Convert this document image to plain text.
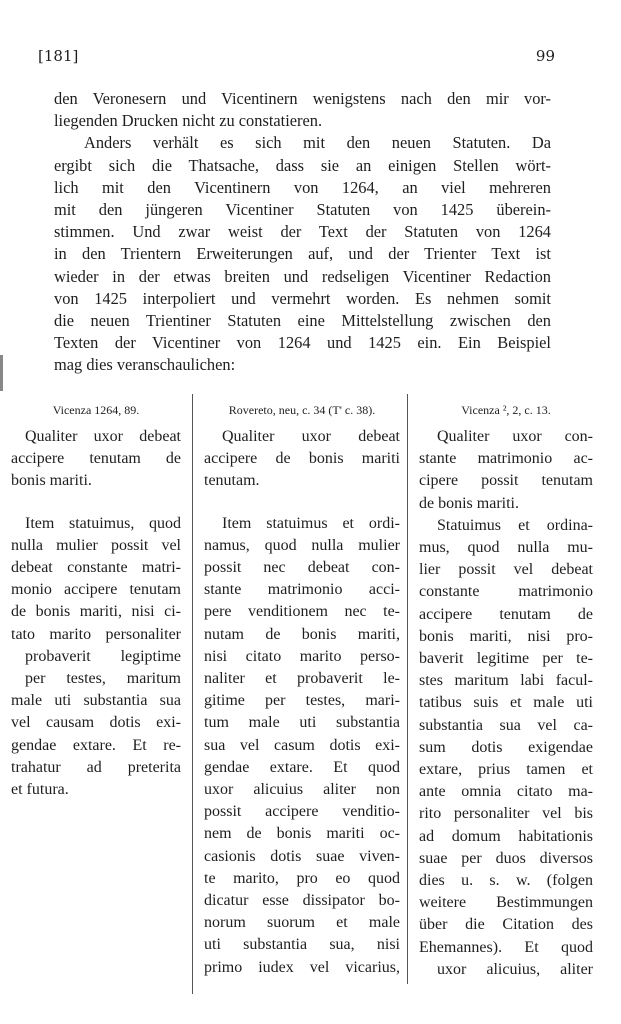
[181]	99

den Veronesern und Vicentinern wenigstens nach den mir vor-
liegenden Drucken nicht zu constatieren.

Anders verhält es sich mit den neuen Statuten. Da
ergibt sich die Thatsache, dass sie an einigen Stellen wört-
lich mit den Vicentinern von 1264, an viel mehreren
mit den jüngeren Vicentiner Statuten von 1425 überein-
stimmen. Und zwar weist der Text der Statuten von 1264
in den Trientern Erweiterungen auf, und der Trienter Text ist
wieder in der etwas breiten und redseligen Vicentiner Redaction
von 1425 interpoliert und vermehrt worden. Es nehmen somit
die neuen Trientiner Statuten eine Mittelstellung zwischen den
Texten der Vicentiner von 1264 und 1425 ein. Ein Beispiel
mag dies veranschaulichen:

Vicenza 1264, 89.
Qualiter uxor debeat
accipere tenutam de
bonis mariti.
Item statuimus, quod
nulla mulier possit vel
debeat constante matri-
monio accipere tenutam
de bonis mariti, nisi ci-
tato marito personaliter
probaverit legiptime
per testes, maritum
male uti substantia sua
vel causam dotis exi-
gendae extare. Et re-
trahatur ad preterita
et futura.
Rovereto, neu, c. 34 (T' c. 38).
Qualiter uxor debeat
accipere de bonis mariti
tenutam.
Item statuimus et ordi-
namus, quod nulla mulier
possit nec debeat con-
stante matrimonio acci-
pere venditionem nec te-
nutam de bonis mariti,
nisi citato marito perso-
naliter et probaverit le-
gitime per testes, mari-
tum male uti substantia
sua vel casum dotis exi-
gendae extare. Et quod
uxor alicuius aliter non
possit accipere venditio-
nem de bonis mariti oc-
casionis dotis suae viven-
te marito, pro eo quod
dicatur esse dissipator bo-
norum suorum et male
uti substantia sua, nisi
primo iudex vel vicarius,
Vicenza ², 2, c. 13.
Qualiter uxor con-
stante matrimonio ac-
cipere possit tenutam
de bonis mariti.
Statuimus et ordina-
mus, quod nulla mu-
lier possit vel debeat
constante matrimonio
accipere tenutam de
bonis mariti, nisi pro-
baverit legitime per te-
stes maritum labi facul-
tatibus suis et male uti
substantia sua vel ca-
sum dotis exigendae
extare, prius tamen et
ante omnia citato ma-
rito personaliter vel bis
ad domum habitationis
suae per duos diversos
dies u. s. w. (folgen
weitere Bestimmungen
über die Citation des
Ehemannes). Et quod
uxor alicuius, aliter
